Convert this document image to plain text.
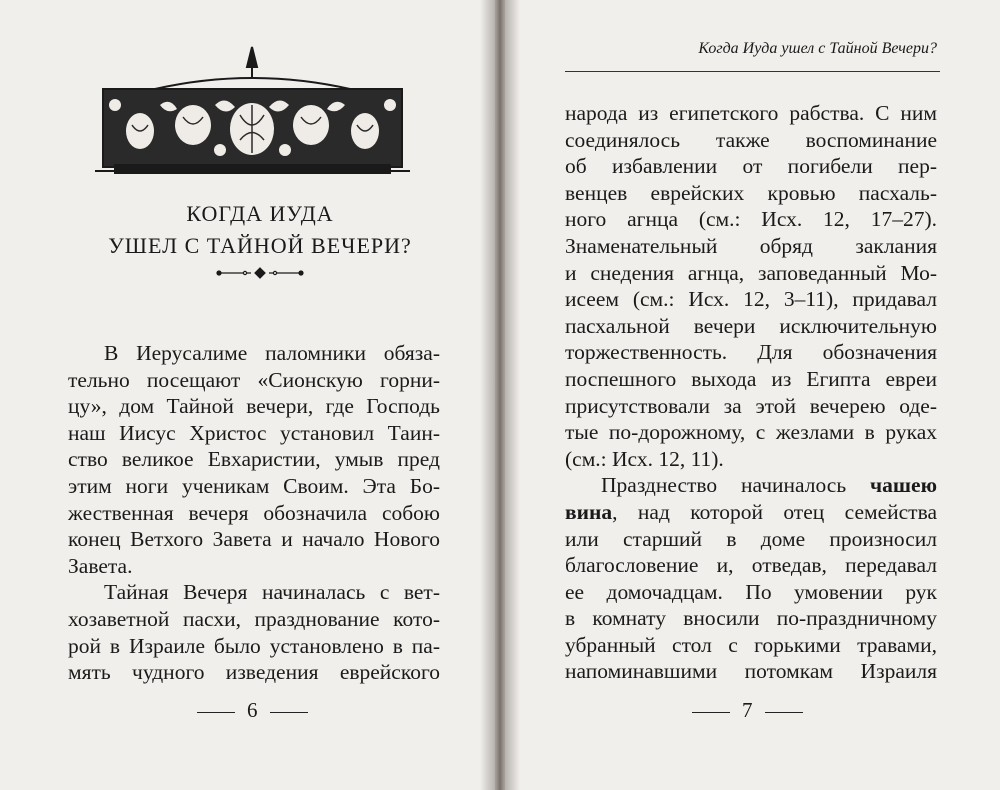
КОГДА ИУДА
УШЕЛ С ТАЙНОЙ ВЕЧЕРИ?
В Иерусалиме паломники обяза-
тельно посещают «Сионскую горни-
цу», дом Тайной вечери, где Господь
наш Иисус Христос установил Таин-
ство великое Евхаристии, умыв пред
этим ноги ученикам Своим. Эта Бо-
жественная вечеря обозначила собою
конец Ветхого Завета и начало Нового
Завета.
Тайная Вечеря начиналась с вет-
хозаветной пасхи, празднование кото-
рой в Израиле было установлено в па-
мять чудного изведения еврейского
6
Когда Иуда ушел с Тайной Вечери?
народа из египетского рабства. С ним
соединялось также воспоминание
об избавлении от погибели пер-
венцев еврейских кровью пасхаль-
ного агнца (см.: Исх. 12, 17–27).
Знаменательный обряд заклания
и снедения агнца, заповеданный Мо-
исеем (см.: Исх. 12, 3–11), придавал
пасхальной вечери исключительную
торжественность. Для обозначения
поспешного выхода из Египта евреи
присутствовали за этой вечерею оде-
тые по-дорожному, с жезлами в руках
(см.: Исх. 12, 11).
Празднество начиналось чашею
вина, над которой отец семейства
или старший в доме произносил
благословение и, отведав, передавал
ее домочадцам. По умовении рук
в комнату вносили по-праздничному
убранный стол с горькими травами,
напоминавшими потомкам Израиля
7
